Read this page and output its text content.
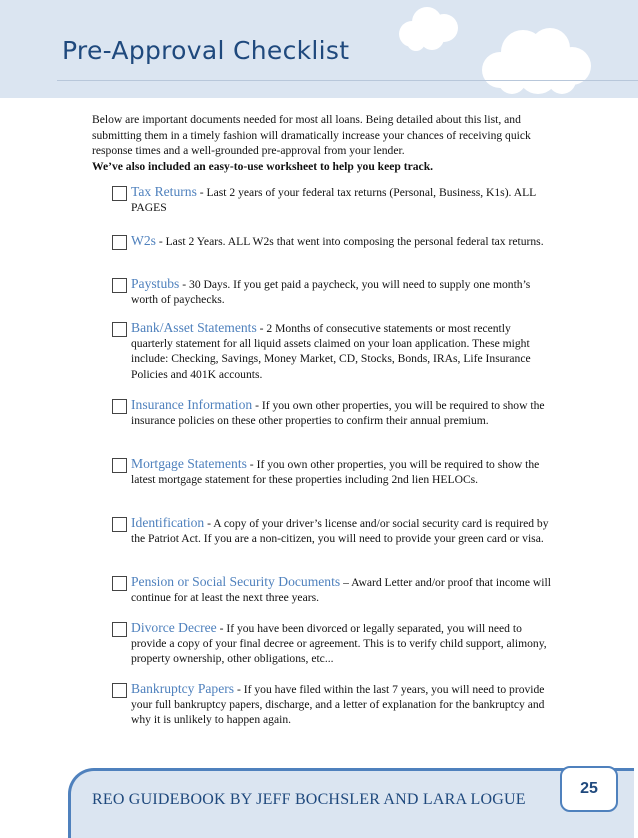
Pre-Approval Checklist

Below are important documents needed for most all loans. Being detailed about this list, and submitting them in a timely fashion will dramatically increase your chances of receiving quick response times and a well-grounded pre-approval from your lender.
We’ve also included an easy-to-use worksheet to help you keep track.

Tax Returns - Last 2 years of your federal tax returns (Personal, Business, K1s). ALL PAGES
W2s - Last 2 Years. ALL W2s that went into composing the personal federal tax returns.
Paystubs - 30 Days. If you get paid a paycheck, you will need to supply one month’s worth of paychecks.
Bank/Asset Statements - 2 Months of consecutive statements or most recently quarterly statement for all liquid assets claimed on your loan application. These might include: Checking, Savings, Money Market, CD, Stocks, Bonds, IRAs, Life Insurance Policies and 401K accounts.
Insurance Information - If you own other properties, you will be required to show the insurance policies on these other properties to confirm their annual premium.
Mortgage Statements - If you own other properties, you will be required to show the latest mortgage statement for these properties including 2nd lien HELOCs.
Identification - A copy of your driver’s license and/or social security card is required by the Patriot Act. If you are a non-citizen, you will need to provide your green card or visa.
Pension or Social Security Documents – Award Letter and/or proof that income will continue for at least the next three years.
Divorce Decree - If you have been divorced or legally separated, you will need to provide a copy of your final decree or agreement. This is to verify child support, alimony, property ownership, other obligations, etc...
Bankruptcy Papers - If you have filed within the last 7 years, you will need to provide your full bankruptcy papers, discharge, and a letter of explanation for the bankruptcy and why it is unlikely to happen again.
REO GUIDEBOOK BY JEFF BOCHSLER AND LARA LOGUE
25
